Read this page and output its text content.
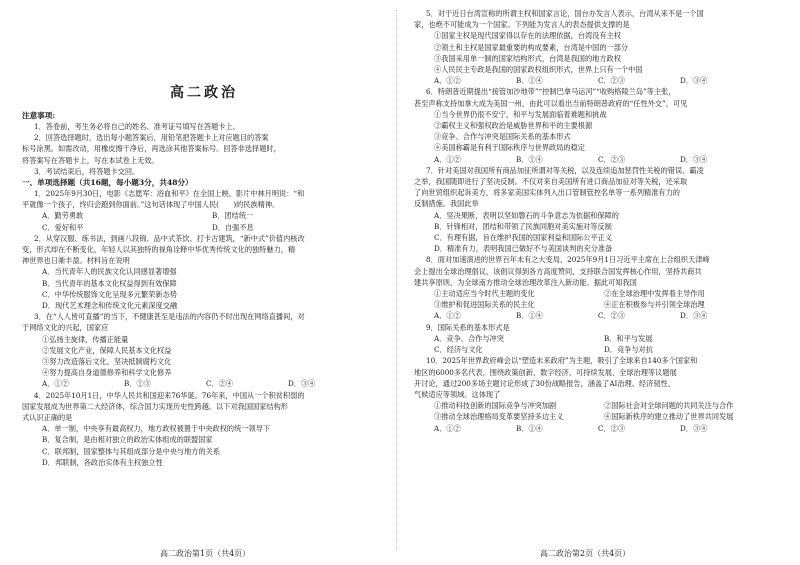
高二政治
注意事项:
1．答卷前，考生务必将自己的姓名、准考证号填写在答题卡上。
2．回答选择题时，选出每小题答案后，用铅笔把答题卡上对应题目的答案
标号涂黑。如需改动，用橡皮擦干净后，再选涂其他答案标号。回答非选择题时，
将答案写在答题卡上，写在本试卷上无效。
3．考试结束后，将答题卡交回。
一、单项选择题（共16题，每小题3分，共48分）
1．2025年9月30日，电影《志愿军：浴血和平》在全国上映。影片中林月明说：“和
平就像一个孩子，终归会跑到你面前。”这句话体现了中国人民(　　)的民族精神。
A．勤劳勇敢	B．团结统一
C．爱好和平	D．自强不息
2．从穿汉服、练书法，到画八段锦、品中式茶饮、打卡古建筑，“新中式”价值内核改
变，形式却在不断变化，年轻人以其独特的视角诠释中华优秀传统文化的独特魅力，精
神世界也日渐丰盈。材料旨在说明
A．当代青年人的民族文化认同感显著增强
B．当代青年的基本文化权益得到有效保障
C．中华传统服饰文化呈现多元繁荣新态势
D．现代艺术理念和传统文化元素深度交融
3．在“人人皆可直播”的当下，不健康甚至是违法的内容仍不时出现在网络直播间，对
于网络文化的兴起，国家应
①弘扬主旋律，传播正能量
②发展文化产业，保障人民基本文化权益
③努力改造落后文化，坚决抵制腐朽文化
④努力提高自身道德修养和科学文化修养
A．①②	B．①③	C．②④	D．③④
4．2025年10月1日，中华人民共和国迎来76华诞。76年来，中国从一个积贫积弱的
国家发展成为世界第二大经济体，综合国力实现历史性跨越。以下对我国国家结构形
式认识正确的是
A．单一制，中央享有最高权力，地方政权被置于中央政权的统一领导下
B．复合制，是由相对独立的政治实体组成的联盟国家
C．联邦制，国家整体与其组成部分是中央与地方的关系
D．邦联制，各政治实体有主权独立性
5．对于近日台湾宣称的所谓主权和国家言论，国台办发言人表示，台湾从来不是一个国
家，也绝不可能成为一个国家。下列能为发言人的表态提供支撑的是
①国家主权是现代国家得以存在的法理依据，台湾没有主权
②领土和主权是国家最重要的构成要素，台湾是中国的一部分
③我国采用单一制的国家结构形式，台湾是我国的地方政权
④人民民主专政是我国的国家政权组织形式，世界上只有一个中国
A．①②	B．①④	C．②③	D．③④
6．特朗普近期提出“接管加沙地带”“控制巴拿马运河”“收购格陵兰岛”等主张，
甚至声称支持加拿大成为美国一州，由此可以看出当前特朗普政府的“任性外交”，可见
①当今世界仍很不安宁，和平与发展面临着难题和挑战
②霸权主义和强权政治是威胁世界和平的主要根源
③竞争、合作与冲突是国际关系的基本形式
④美国称霸是有利于国际秩序与世界政局的稳定
A．①②	B．①④	C．②③	D．③④
7．针对美国对我国所有商品加征所谓对等关税，以及连续追加惩罚性关税的错误、霸凌
之举，我国随即进行了坚决反制。不仅对来自美国所有进口商品加征对等关税，还采取
了向世贸组织起诉美方，将多家美国实体列入出口管制管控名单等一系列精准有力的
反制措施。我国此举
A．坚决果断，表明以坚如磐石的斗争意志为依据和保障的
B．针锋相对，团结和带领了民族同胞对美实施对等反制
C．有理有据，旨在维护我国的国家利益和国际公平正义
D．精准有力，表明我国已做好不与美国谈判的充分准备
8．面对加速演进的世界百年未有之大变局，2025年9月1日习近平主席在上合组织天津峰
会上提出全球治理倡议，该倡议得到各方高度赞同，支持联合国发挥核心作用，坚持共商共
建共享原则，为全球南方推动全球治理改革注入新动能。据此可知我国
①主动适应当今时代主题的变化	②在全球治理中发挥着主导作用
③维护和促进国际关系的民主化	④正在积极参与并引领全球治理
A．①②	B．①④	C．②③	D．③④
9．国际关系的基本形式是
A．竞争、合作与冲突	B．和平与发展
C．经济与文化	D．竞争与对抗
10．2025年世界政府峰会以“塑造未来政府”为主题，吸引了全球来自140多个国家和
地区的6000多名代表，围绕政策创新、数字经济、可持续发展、全球治理等议题展
开讨论，通过200多场主题讨论形成了30份战略报告，涵盖了AI治理、经济韧性、
气候适应等领域。这体现了
①推动科技创新的国际竞争与冲突加剧	②国际社会对全球问题的共同关注与合作
③推动全球治理格局变革要坚持多边主义	④国际新秩序的建立推动了世界共同发展
A．①②	B．①④	C．②③	D．③④
高二政治第1页（共4页）	高二政治第2页（共4页）
